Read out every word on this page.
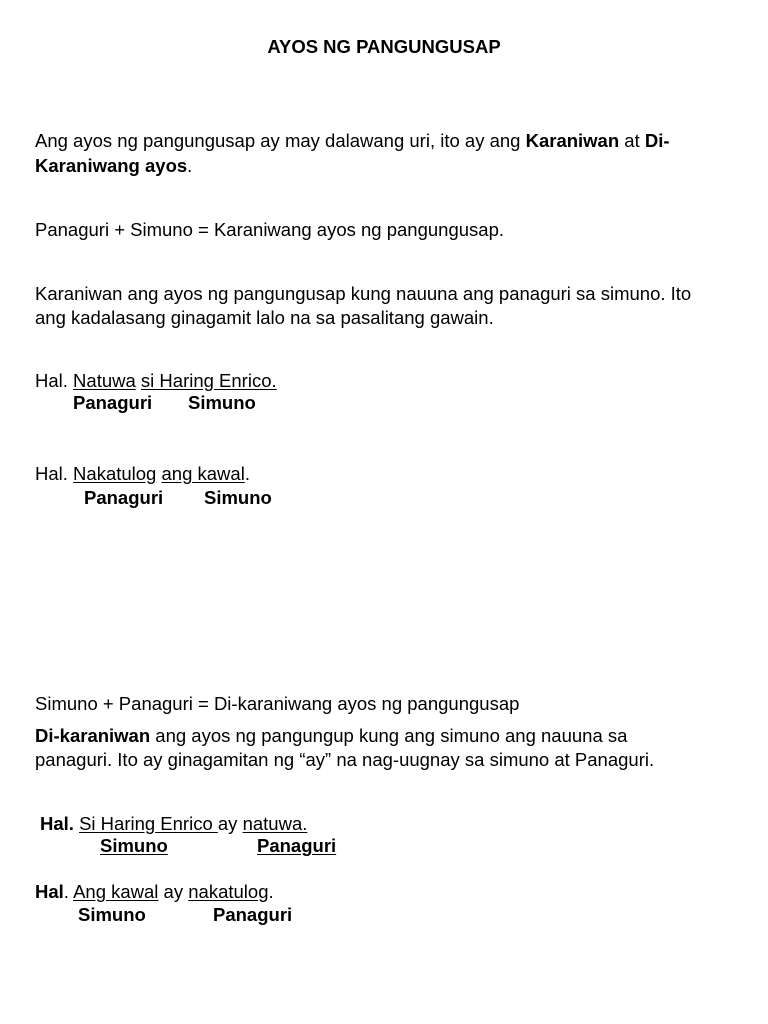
AYOS NG PANGUNGUSAP
Ang ayos ng pangungusap ay may dalawang uri, ito ay ang Karaniwan at Di-
Karaniwang ayos.
Panaguri + Simuno = Karaniwang ayos ng pangungusap.
Karaniwan ang ayos ng pangungusap kung nauuna ang panaguri sa simuno. Ito
ang kadalasang ginagamit lalo na sa pasalitang gawain.
Hal. Natuwa si Haring Enrico.
Panaguri Simuno
Hal. Nakatulog ang kawal.
Panaguri Simuno
Simuno + Panaguri = Di-karaniwang ayos ng pangungusap
Di-karaniwan ang ayos ng pangungup kung ang simuno ang nauuna sa
panaguri. Ito ay ginagamitan ng “ay” na nag-uugnay sa simuno at Panaguri.
Hal. Si Haring Enrico ay natuwa.
Simuno	Panaguri
Hal. Ang kawal ay nakatulog.
Simuno	Panaguri
